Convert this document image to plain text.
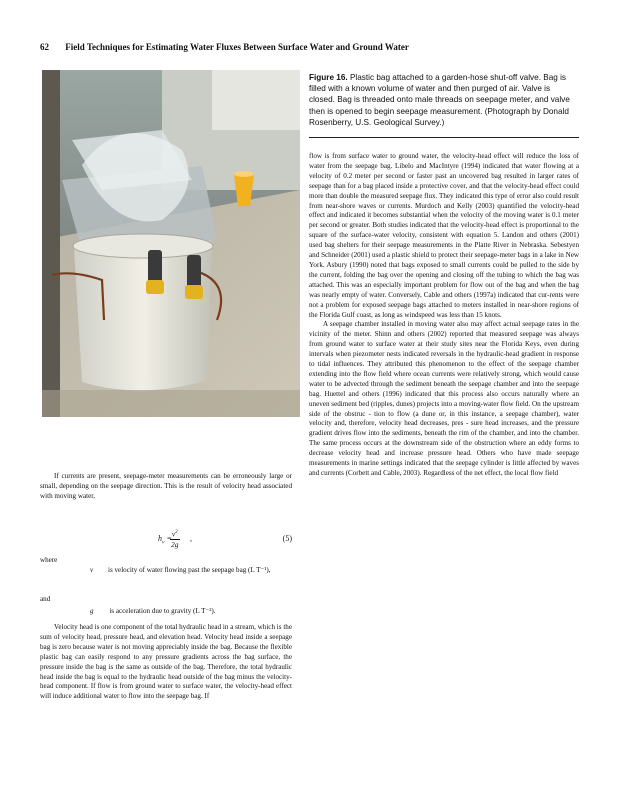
62 Field Techniques for Estimating Water Fluxes Between Surface Water and Ground Water
Figure 16. Plastic bag attached to a garden-hose shut-off valve. Bag is filled with a known volume of water and then purged of air. Valve is closed. Bag is threaded onto male threads on seepage meter, and valve then is opened to begin seepage measurement. (Photograph by Donald Rosenberry, U.S. Geological Survey.)

flow is from surface water to ground water, the velocity-head effect will reduce the loss of water from the seepage bag. Libelo and MacIntyre (1994) indicated that water flowing at a velocity of 0.2 meter per second or faster past an uncovered bag resulted in larger rates of seepage than for a bag placed inside a protective cover, and that the velocity-head effect could more than double the measured seepage flux. They indicated this type of error also could result from near-shore waves or currents. Murdoch and Kelly (2003) quantified the velocity-head effect and indicated it becomes substantial when the velocity of the moving water is 0.1 meter per second or greater. Both studies indicated that the velocity-head effect is proportional to the square of the surface-water velocity, consistent with equation 5. Landon and others (2001) used bag shelters for their seepage measurements in the Platte River in Nebraska. Sebestyen and Schneider (2001) used a plastic shield to protect their seepage-meter bags in a lake in New York. Asbury (1990) noted that bags exposed to small currents could be pulled to the side by the current, folding the bag over the opening and closing off the tubing to which the bag was attached. This was an especially important problem for flow out of the bag and when the bag was nearly empty of water. Conversely, Cable and others (1997a) indicated that cur-rents were not a problem for exposed seepage bags attached to meters installed in near-shore regions of the Florida Gulf coast, as long as windspeed was less than 15 knots.

A seepage chamber installed in moving water also may affect actual seepage rates in the vicinity of the meter. Shinn and others (2002) reported that measured seepage was always from ground water to surface water at their study sites near the Florida Keys, even during intervals when piezometer nests indicated reversals in the hydraulic-head gradient in response to tidal influences. They attributed this phenomenon to the effect of the seepage chamber extending into the flow field where ocean currents were relatively strong, which would cause water to be advected through the sediment beneath the seepage chamber and into the seepage bag. Huettel and others (1996) indicated that this process also occurs naturally where an uneven sediment bed (ripples, dunes) projects into a moving-water flow field. On the upstream side of the obstruc - tion to flow (a dune or, in this instance, a seepage chamber), water velocity and, therefore, velocity head decreases, pres - sure head increases, and the pressure gradient drives flow into the sediments, beneath the rim of the chamber, and into the chamber. The same process occurs at the downstream side of the obstruction where an eddy forms to decrease velocity head and increase pressure head. Others who have made seepage measurements in marine settings indicated that the seepage cylinder is little affected by waves and currents (Corbett and Cable, 2003). Regardless of the net effect, the local flow field

If currents are present, seepage-meter measurements can be erroneously large or small, depending on the seepage direction. This is the result of velocity head associated with moving water,

$h_v$ =
$\frac{v^2}{2g}$ ,	(5)
where
v is velocity of water flowing past the seepage bag (L T⁻¹),
and
g is acceleration due to gravity (L T⁻²).

Velocity head is one component of the total hydraulic head in a stream, which is the sum of velocity head, pressure head, and elevation head. Velocity head inside a seepage bag is zero because water is not moving appreciably inside the bag. Because the flexible plastic bag can easily respond to any pressure gradients across the bag surface, the pressure inside the bag is the same as outside of the bag. Therefore, the total hydraulic head inside the bag is equal to the hydraulic head outside of the bag minus the velocity-head component. If flow is from ground water to surface water, the velocity-head effect will induce additional water to flow into the seepage bag. If
